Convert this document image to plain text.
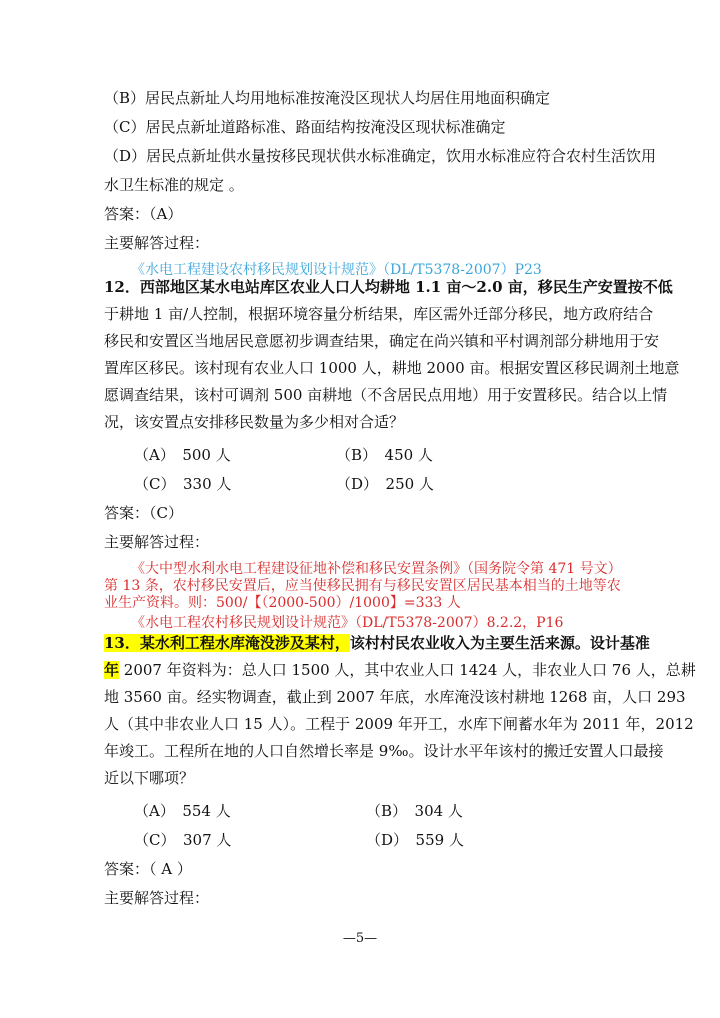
（B）居民点新址人均用地标准按淹没区现状人均居住用地面积确定
（C）居民点新址道路标准、路面结构按淹没区现状标准确定
（D）居民点新址供水量按移民现状供水标准确定，饮用水标准应符合农村生活饮用
水卫生标准的规定 。
答案：（A）
主要解答过程：
《水电工程建设农村移民规划设计规范》（DL/T5378-2007）P23
12．西部地区某水电站库区农业人口人均耕地 1.1 亩～2.0 亩，移民生产安置按不低
于耕地 1 亩/人控制，根据环境容量分析结果，库区需外迁部分移民，地方政府结合
移民和安置区当地居民意愿初步调查结果，确定在尚兴镇和平村调剂部分耕地用于安
置库区移民。该村现有农业人口 1000 人，耕地 2000 亩。根据安置区移民调剂土地意
愿调查结果，该村可调剂 500 亩耕地（不含居民点用地）用于安置移民。结合以上情
况，该安置点安排移民数量为多少相对合适？
（A）　500 人	（B）　450 人
（C）　330 人	（D）　250 人
答案：（C）
主要解答过程：
《大中型水利水电工程建设征地补偿和移民安置条例》（国务院令第 471 号文）
第 13 条，农村移民安置后，应当使移民拥有与移民安置区居民基本相当的土地等农
业生产资料。则：500/【（2000-500）/1000】=333 人
《水电工程农村移民规划设计规范》（DL/T5378-2007）8.2.2，P16
13．某水利工程水库淹没涉及某村，该村村民农业收入为主要生活来源。设计基准
年 2007 年资料为：总人口 1500 人，其中农业人口 1424 人，非农业人口 76 人，总耕
地 3560 亩。经实物调查，截止到 2007 年底，水库淹没该村耕地 1268 亩，人口 293
人（其中非农业人口 15 人）。工程于 2009 年开工，水库下闸蓄水年为 2011 年，2012
年竣工。工程所在地的人口自然增长率是 9‰。设计水平年该村的搬迁安置人口最接
近以下哪项？
（A）　554 人	（B）　304 人
（C）　307 人	（D）　559 人
答案：（ A ）
主要解答过程：
—5—
